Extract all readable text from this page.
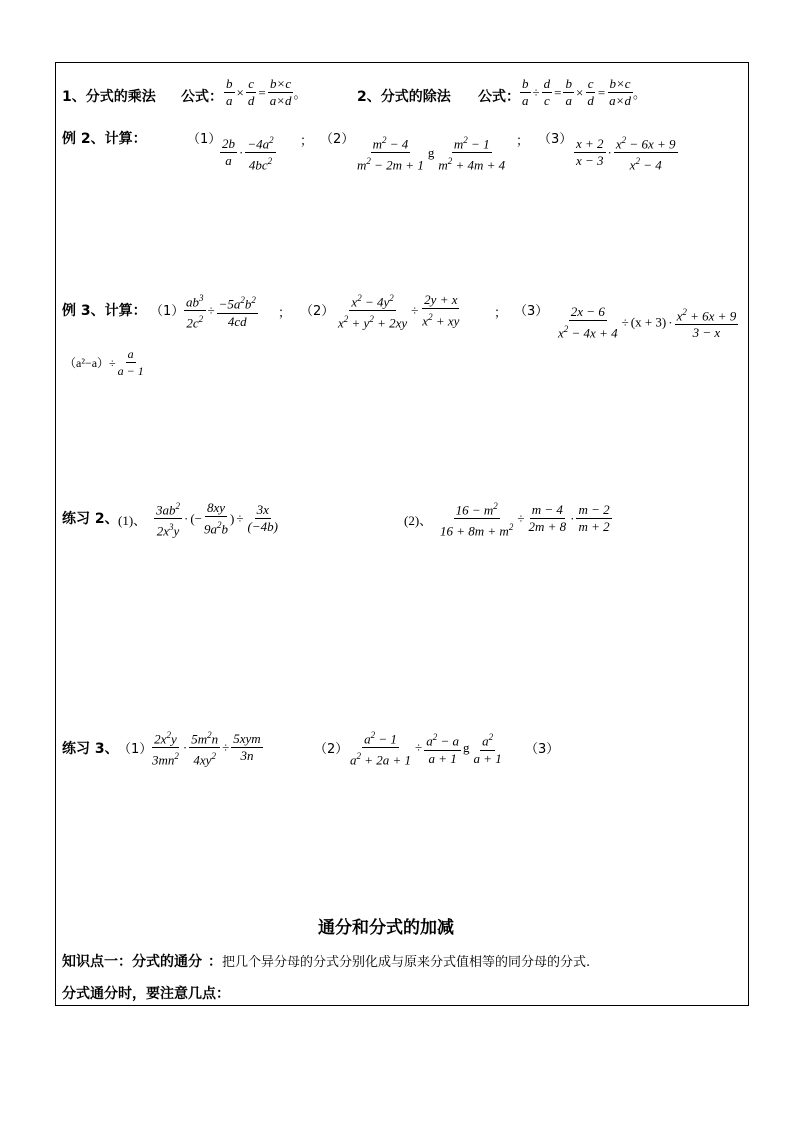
1、分式的乘法 公式： $\frac{b}{a} \times \frac{c}{d} = \frac{b\times c}{a\times d}$ 。	2、分式的除法 公式： $\frac{b}{a} \div \frac{d}{c} = \frac{b}{a} \times \frac{c}{d} = \frac{b\times c}{a\times d}$ 。
例 2、计算：	（1）
$\frac{2b}{a} \cdot \frac{-4a^2}{4bc^2}$ ； $(2) \frac{m^2 - 4}{m^2 - 2m + 1}$ g $\frac{m^2 - 1}{m^2 + 4m + 4}$ ； $(3) \frac{x + 2}{x - 3} \cdot \frac{x^2 - 6x + 9}{x^2 - 4}$
例 3、计算： $(1) \frac{ab^3}{2c^2} \div \frac{-5a^2b^2}{4cd}$ ； $(2) \frac{x^2 - 4y^2}{x^2 + y^2 + 2xy} \div \frac{2y + x}{x^2 + xy}$	； $(3) \frac{2x - 6}{x^2 - 4x + 4} \div (x + 3) \cdot \frac{x^2 + 6x + 9}{3 - x}$
$(a^2-a)\div \frac{a}{a - 1}$
练习 2、 (1)、 $\frac{3ab^2}{2x^3y}$ · (− $\frac{8xy}{9a^2b}$ ) ÷ $\frac{3x}{(-4b)}$	(2)、 $\frac{16 - m^2}{16 + 8m + m^2} \div \frac{m - 4}{2m + 8} \cdot \frac{m - 2}{m + 2}$
练习 3、 （1）
$\frac{2x^2y}{3mn^2} \cdot \frac{5m^2n}{4xy^2} \div \frac{\text{5xym}}{3n}$	$(2) \frac{a^2 - 1}{a^2 + 2a + 1} \div \frac{a^2 - a}{a + 1}$ g $\frac{a^2}{a + 1} (3)$
通分和分式的加减
知识点一：分式的通分 ：把几个异分母的分式分别化成与原来分式值相等的同分母的分式.
分式通分时，要注意几点：
